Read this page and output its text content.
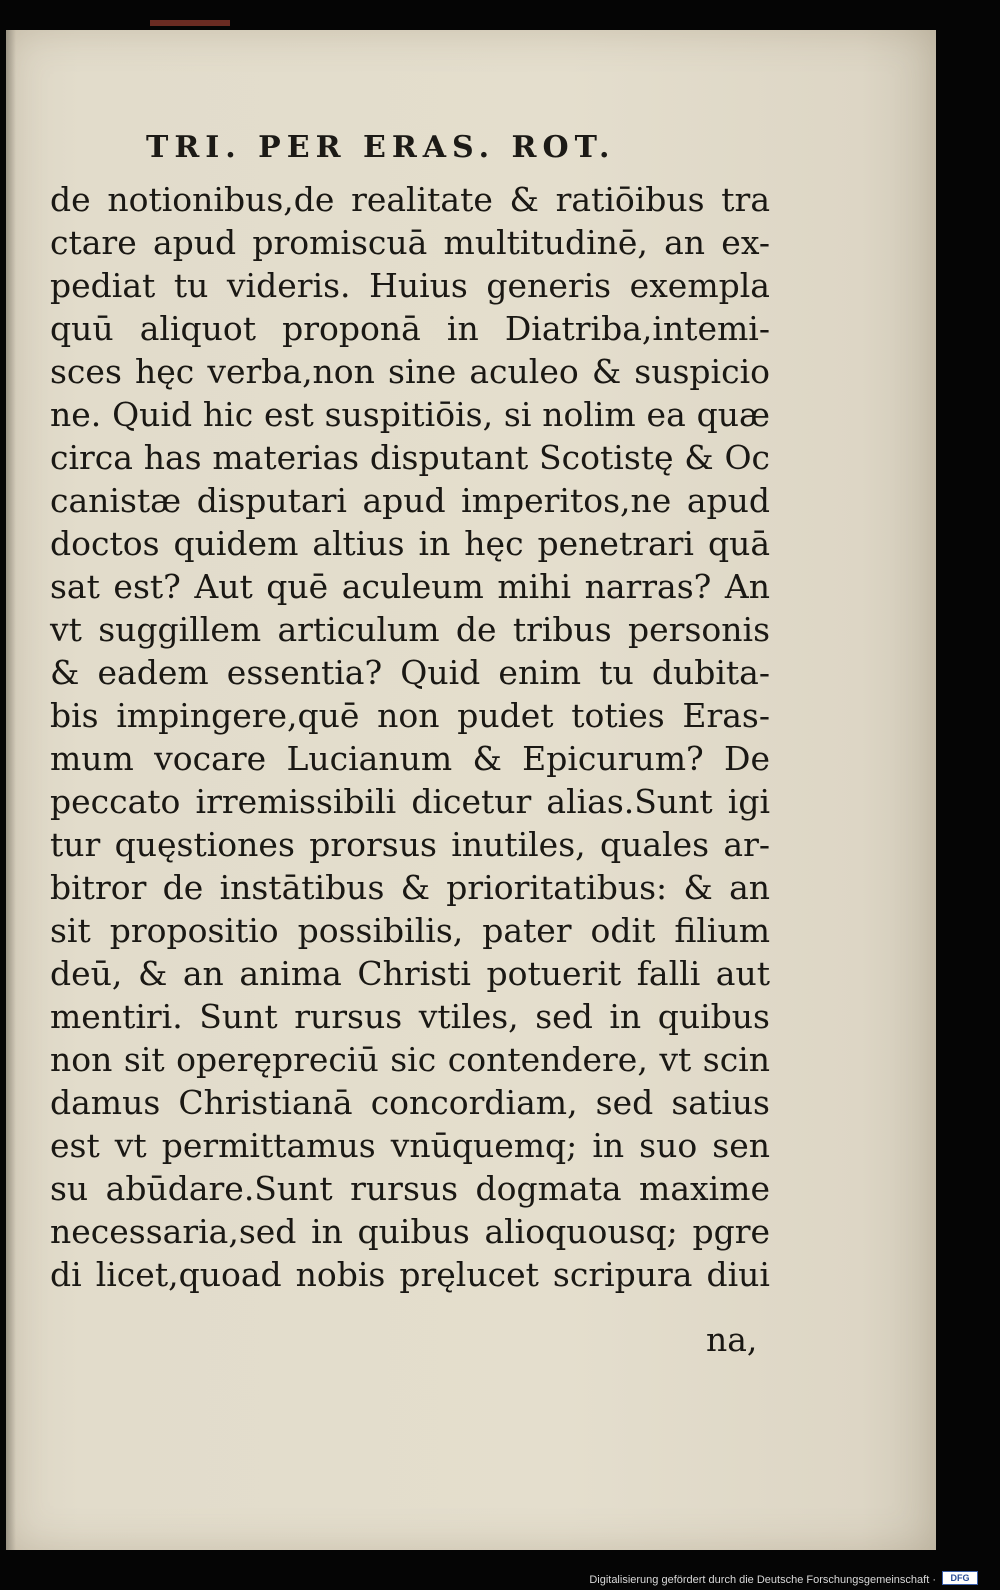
TRI. PER ERAS. ROT.
de notionibus,de realitate & ratiōibus tra
ctare apud promiscuā multitudinē, an ex-
pediat tu videris. Huius generis exempla
quū aliquot proponā in Diatriba,intemi-
sces hęc verba,non sine aculeo & suspicio
ne. Quid hic est suspitiōis, si nolim ea quæ
circa has materias disputant Scotistę & Oc
canistæ disputari apud imperitos,ne apud
doctos quidem altius in hęc penetrari quā
sat est? Aut quē aculeum mihi narras? An
vt suggillem articulum de tribus personis
& eadem essentia? Quid enim tu dubita-
bis impingere,quē non pudet toties Eras-
mum vocare Lucianum & Epicurum? De
peccato irremissibili dicetur alias.Sunt igi
tur quęstiones prorsus inutiles, quales ar-
bitror de instātibus & prioritatibus: & an
sit propositio possibilis, pater odit filium
deū, & an anima Christi potuerit falli aut
mentiri. Sunt rursus vtiles, sed in quibus
non sit operępreciū sic contendere, vt scin
damus Christianā concordiam, sed satius
est vt permittamus vnūquemq; in suo sen
su abūdare.Sunt rursus dogmata maxime
necessaria,sed in quibus alioquousq; pgre
di licet,quoad nobis pręlucet scripura diui
na,
Digitalisierung gefördert durch die Deutsche Forschungsgemeinschaft ·	DFG
